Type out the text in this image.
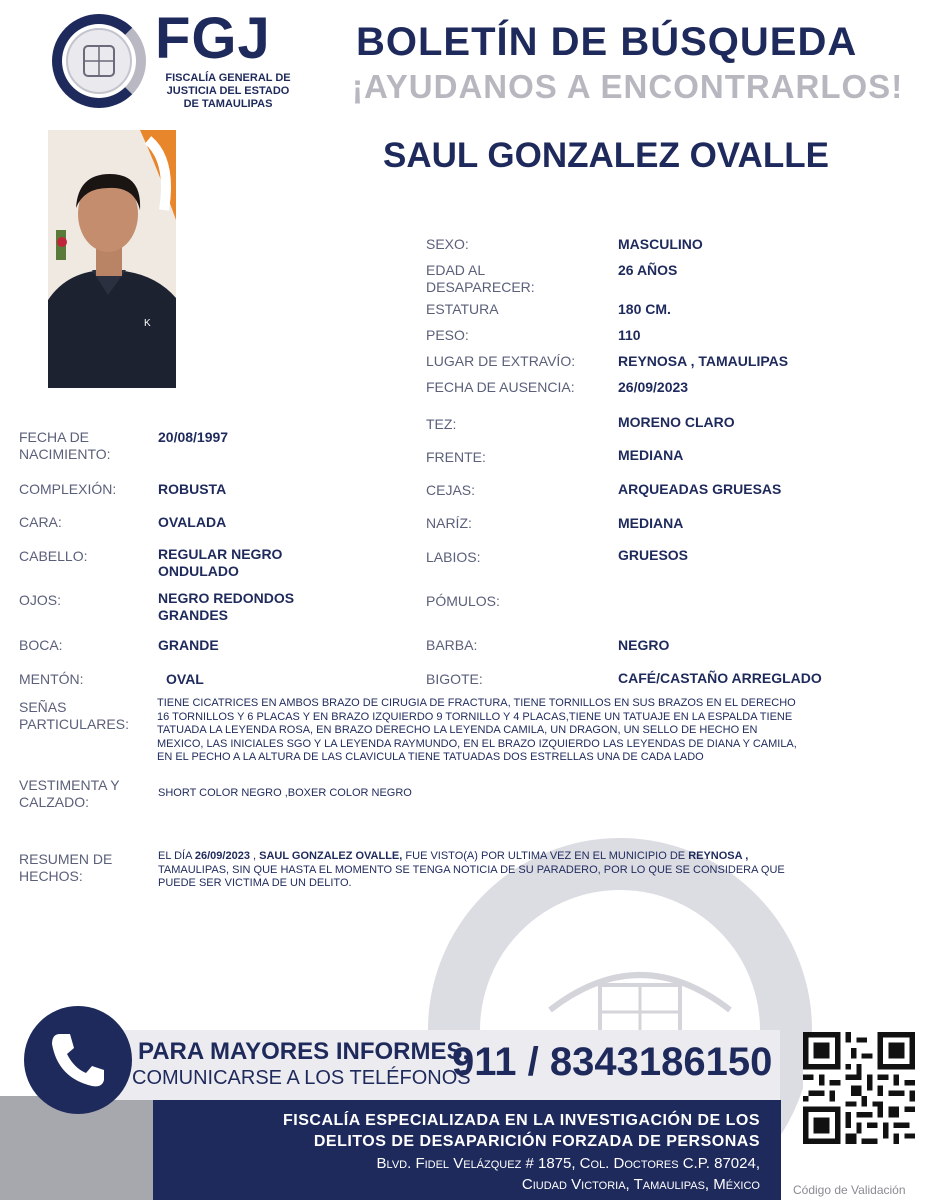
FGJ
FISCALÍA GENERAL DE
JUSTICIA DEL ESTADO
DE TAMAULIPAS
BOLETÍN DE BÚSQUEDA
¡AYUDANOS A ENCONTRARLOS!
SAUL GONZALEZ OVALLE
K
SEXO:	MASCULINO
EDAD AL DESAPARECER:
26 AÑOS
ESTATURA	180 CM.
PESO:	110
LUGAR DE EXTRAVÍO:	REYNOSA , TAMAULIPAS
FECHA DE AUSENCIA:	26/09/2023
TEZ:	MORENO CLARO
FRENTE:	MEDIANA
CEJAS:	ARQUEADAS GRUESAS
NARÍZ:	MEDIANA
LABIOS:	GRUESOS
PÓMULOS:
BARBA:	NEGRO
BIGOTE:	CAFÉ/CASTAÑO ARREGLADO
FECHA DE NACIMIENTO:
20/08/1997
COMPLEXIÓN:	ROBUSTA
CARA:	OVALADA
CABELLO:	REGULAR NEGRO ONDULADO
OJOS:	NEGRO REDONDOS GRANDES
BOCA:	GRANDE
MENTÓN:	OVAL
SEÑAS PARTICULARES:
TIENE CICATRICES EN AMBOS BRAZO DE CIRUGIA DE FRACTURA, TIENE TORNILLOS EN SUS BRAZOS EN EL DERECHO
16 TORNILLOS Y 6 PLACAS Y EN BRAZO IZQUIERDO 9 TORNILLO Y 4 PLACAS,TIENE UN TATUAJE EN LA ESPALDA TIENE
TATUADA LA LEYENDA ROSA, EN BRAZO DERECHO LA LEYENDA CAMILA, UN DRAGON, UN SELLO DE HECHO EN
MEXICO, LAS INICIALES SGO Y LA LEYENDA RAYMUNDO, EN EL BRAZO IZQUIERDO LAS LEYENDAS DE DIANA Y CAMILA,
EN EL PECHO A LA ALTURA DE LAS CLAVICULA TIENE TATUADAS DOS ESTRELLAS UNA DE CADA LADO
VESTIMENTA Y CALZADO:
SHORT COLOR NEGRO ,BOXER COLOR NEGRO
RESUMEN DE HECHOS:
EL DÍA 26/09/2023 , SAUL GONZALEZ OVALLE, FUE VISTO(A) POR ULTIMA VEZ EN EL MUNICIPIO DE REYNOSA ,
TAMAULIPAS, SIN QUE HASTA EL MOMENTO SE TENGA NOTICIA DE SU PARADERO, POR LO QUE SE CONSIDERA QUE
PUEDE SER VICTIMA DE UN DELITO.
PARA MAYORES INFORMES,
COMUNICARSE A LOS TELÉFONOS
911 / 8343186150
FISCALÍA ESPECIALIZADA EN LA INVESTIGACIÓN DE LOS
DELITOS DE DESAPARICIÓN FORZADA DE PERSONAS
Blvd. Fidel Velázquez # 1875, Col. Doctores C.P. 87024,
Ciudad Victoria, Tamaulipas, México	Código de Validación
